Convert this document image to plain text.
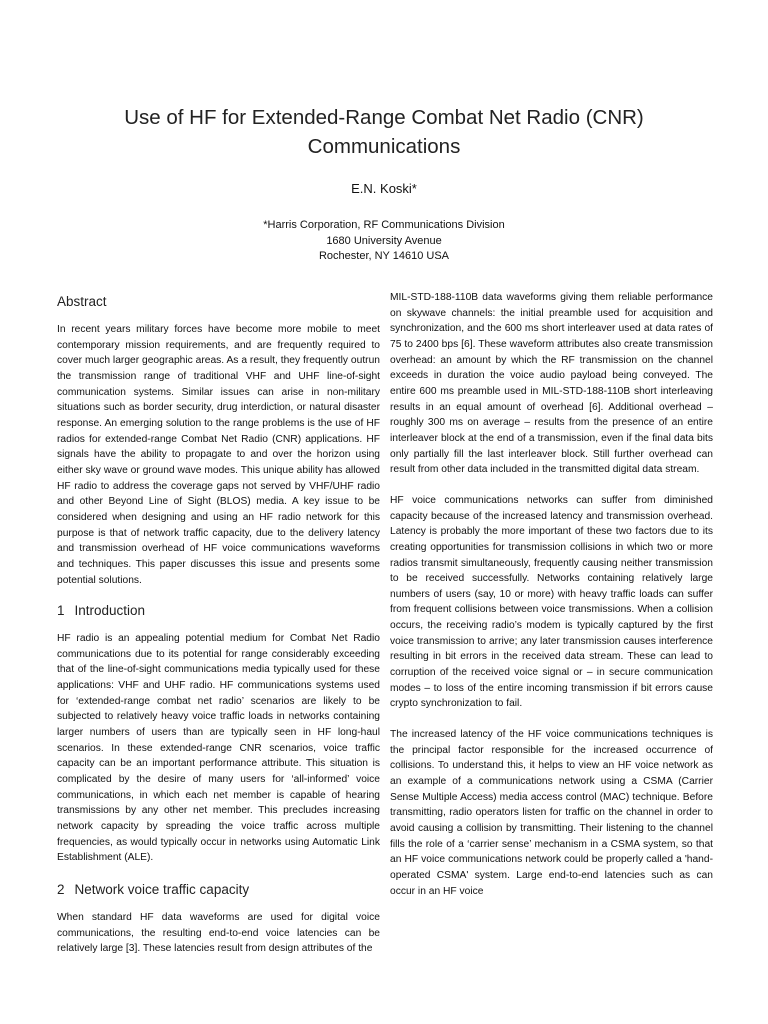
Use of HF for Extended-Range Combat Net Radio (CNR)
Communications
E.N. Koski*
*Harris Corporation, RF Communications Division
1680 University Avenue
Rochester, NY 14610 USA
Abstract

In recent years military forces have become more mobile to meet contemporary mission requirements, and are frequently required to cover much larger geographic areas. As a result, they frequently outrun the transmission range of traditional VHF and UHF line-of-sight communication systems. Similar issues can arise in non-military situations such as border security, drug interdiction, or natural disaster response. An emerging solution to the range problems is the use of HF radios for extended-range Combat Net Radio (CNR) applications. HF signals have the ability to propagate to and over the horizon using either sky wave or ground wave modes. This unique ability has allowed HF radio to address the coverage gaps not served by VHF/UHF radio and other Beyond Line of Sight (BLOS) media. A key issue to be considered when designing and using an HF radio network for this purpose is that of network traffic capacity, due to the delivery latency and transmission overhead of HF voice communications waveforms and techniques. This paper discusses this issue and presents some potential solutions.

1 Introduction

HF radio is an appealing potential medium for Combat Net Radio communications due to its potential for range considerably exceeding that of the line-of-sight communications media typically used for these applications: VHF and UHF radio. HF communications systems used for ‘extended-range combat net radio’ scenarios are likely to be subjected to relatively heavy voice traffic loads in networks containing larger numbers of users than are typically seen in HF long-haul scenarios. In these extended-range CNR scenarios, voice traffic capacity can be an important performance attribute. This situation is complicated by the desire of many users for ‘all-informed’ voice communications, in which each net member is capable of hearing transmissions by any other net member. This precludes increasing network capacity by spreading the voice traffic across multiple frequencies, as would typically occur in networks using Automatic Link Establishment (ALE).

2 Network voice traffic capacity

When standard HF data waveforms are used for digital voice communications, the resulting end-to-end voice latencies can be relatively large [3]. These latencies result from design attributes of the

MIL-STD-188-110B data waveforms giving them reliable performance on skywave channels: the initial preamble used for acquisition and synchronization, and the 600 ms short interleaver used at data rates of 75 to 2400 bps [6]. These waveform attributes also create transmission overhead: an amount by which the RF transmission on the channel exceeds in duration the voice audio payload being conveyed. The entire 600 ms preamble used in MIL-STD-188-110B short interleaving results in an equal amount of overhead [6]. Additional overhead – roughly 300 ms on average – results from the presence of an entire interleaver block at the end of a transmission, even if the final data bits only partially fill the last interleaver block. Still further overhead can result from other data included in the transmitted digital data stream.

HF voice communications networks can suffer from diminished capacity because of the increased latency and transmission overhead. Latency is probably the more important of these two factors due to its creating opportunities for transmission collisions in which two or more radios transmit simultaneously, frequently causing neither transmission to be received successfully. Networks containing relatively large numbers of users (say, 10 or more) with heavy traffic loads can suffer from frequent collisions between voice transmissions. When a collision occurs, the receiving radio’s modem is typically captured by the first voice transmission to arrive; any later transmission causes interference resulting in bit errors in the received data stream. These can lead to corruption of the received voice signal or – in secure communication modes – to loss of the entire incoming transmission if bit errors cause crypto synchronization to fail.

The increased latency of the HF voice communications techniques is the principal factor responsible for the increased occurrence of collisions. To understand this, it helps to view an HF voice network as an example of a communications network using a CSMA (Carrier Sense Multiple Access) media access control (MAC) technique. Before transmitting, radio operators listen for traffic on the channel in order to avoid causing a collision by transmitting. Their listening to the channel fills the role of a ‘carrier sense’ mechanism in a CSMA system, so that an HF voice communications network could be properly called a 'hand-operated CSMA' system. Large end-to-end latencies such as can occur in an HF voice
